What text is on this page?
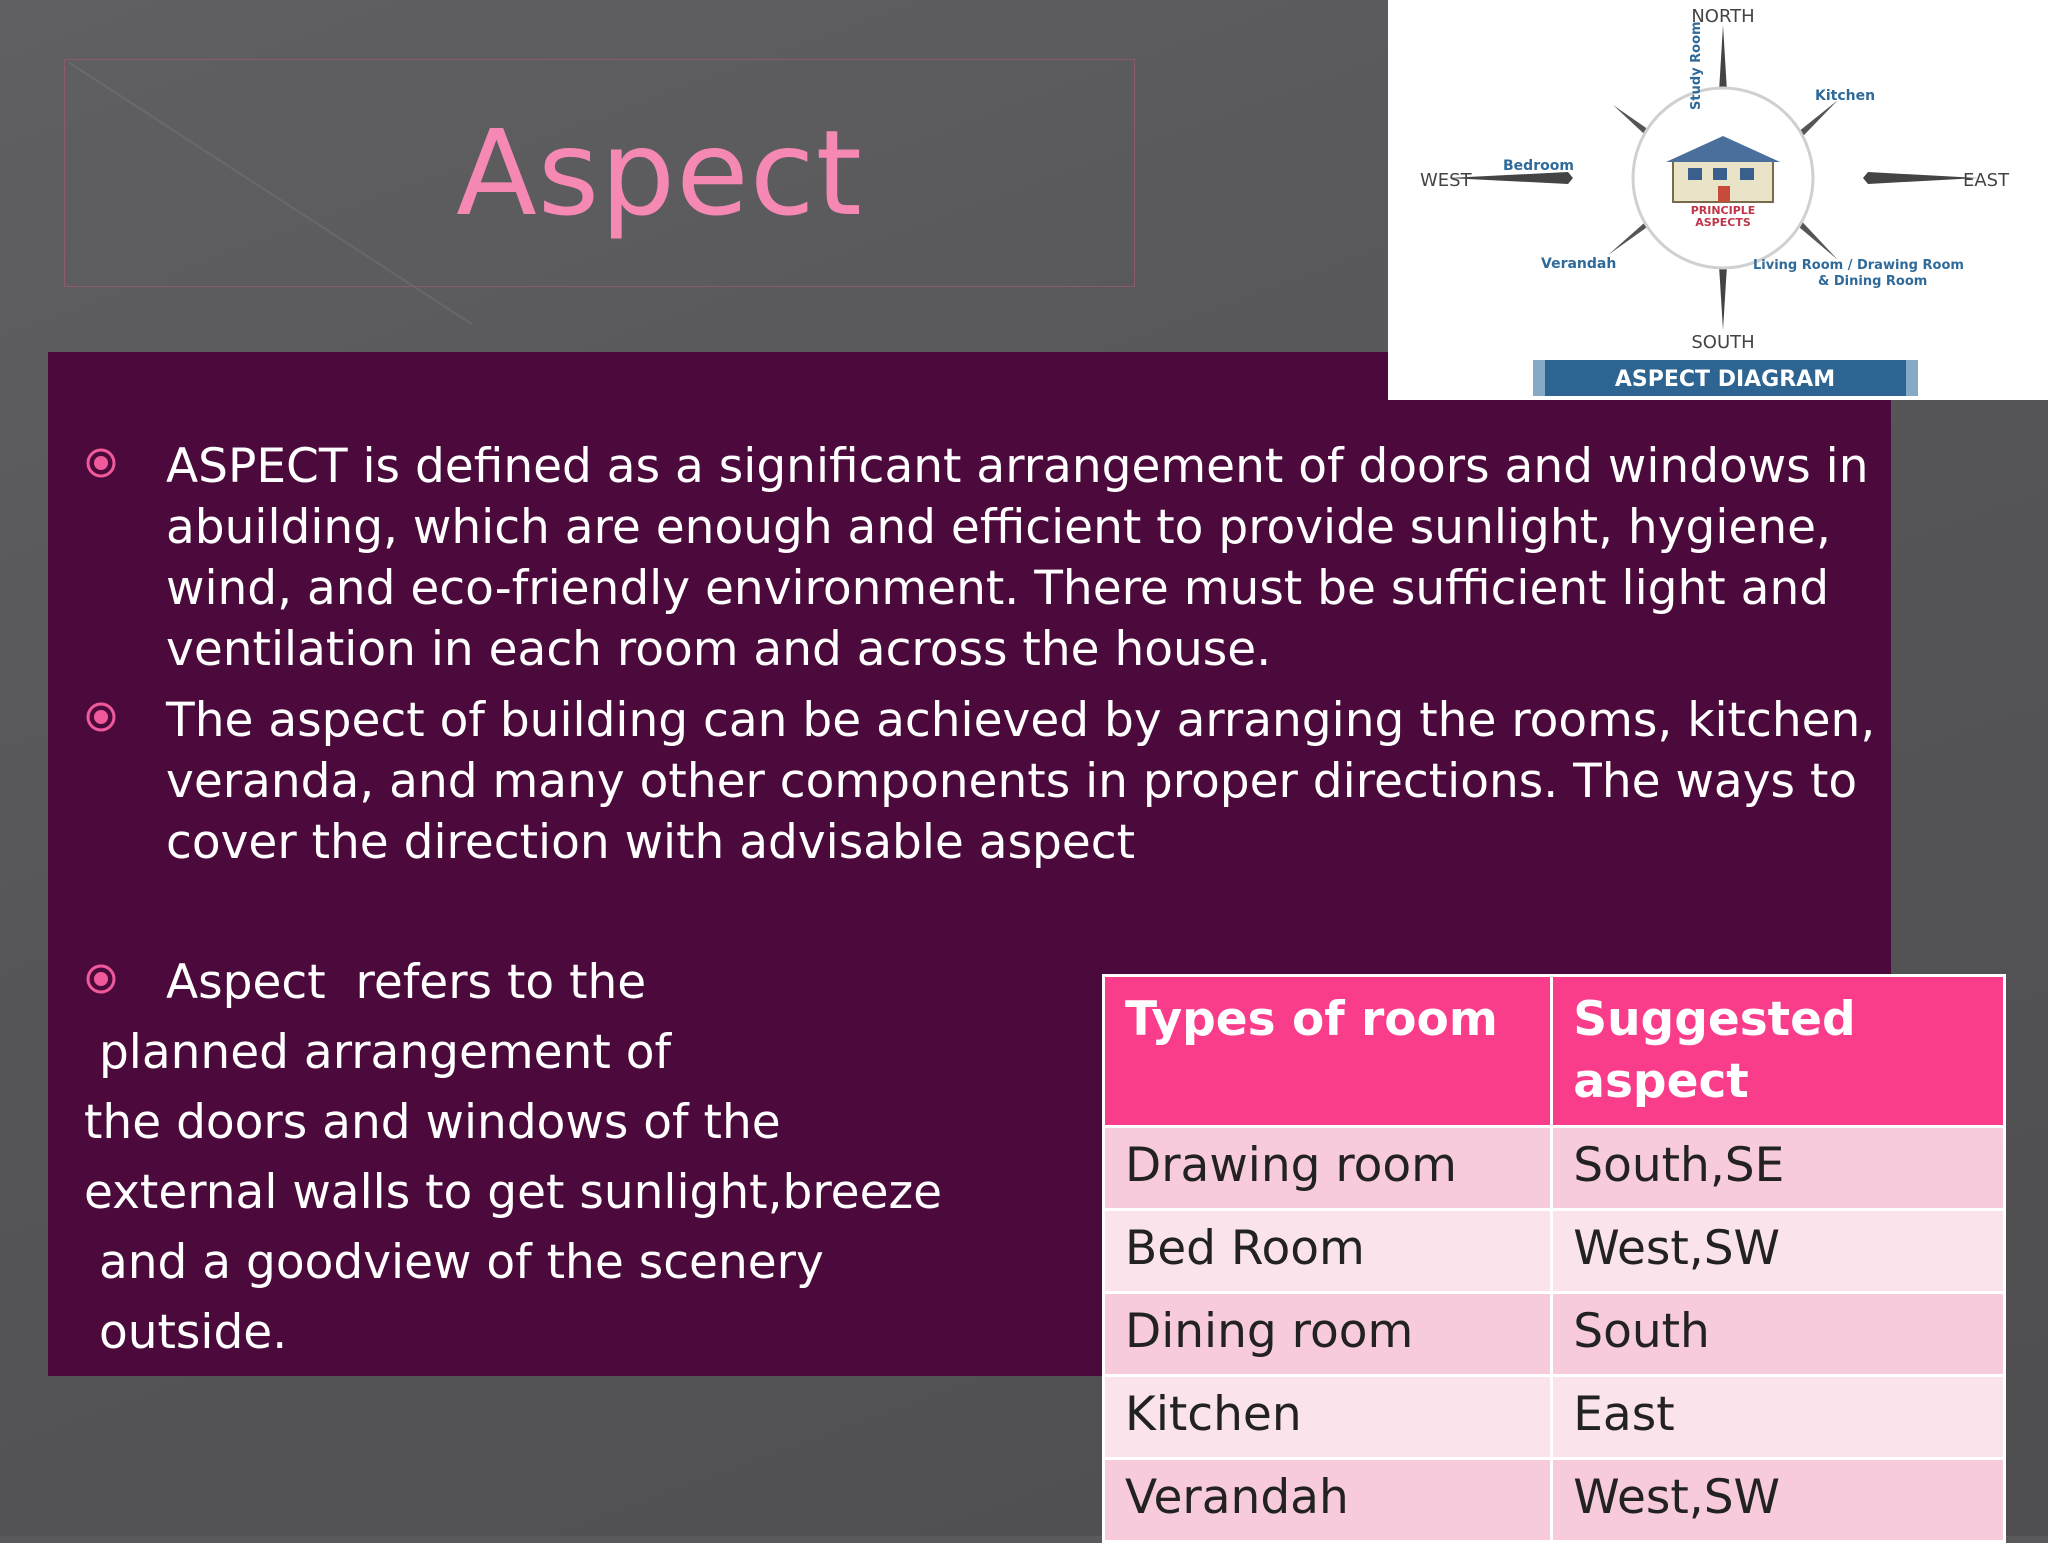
Aspect
ASPECT is defined as a significant arrangement of doors and windows in abuilding, which are enough and efficient to provide sunlight, hygiene, wind, and eco-friendly environment. There must be sufficient light and ventilation in each room and across the house.
The aspect of building can be achieved by arranging the rooms, kitchen, veranda, and many other components in proper directions. The ways to cover the direction with advisable aspect
Aspect  refers to the
planned arrangement of
the doors and windows of the
external walls to get sunlight,breeze
and a goodview of the scenery
outside.
NORTH
SOUTH
WEST	EAST
Study Room	Kitchen
Bedroom
Verandah	Living Room / Drawing Room
& Dining Room
PRINCIPLE
ASPECTS
ASPECT DIAGRAM
Types of room	Suggested aspect
Drawing room	South,SE
Bed Room	West,SW
Dining room	South
Kitchen	East
Verandah	West,SW
